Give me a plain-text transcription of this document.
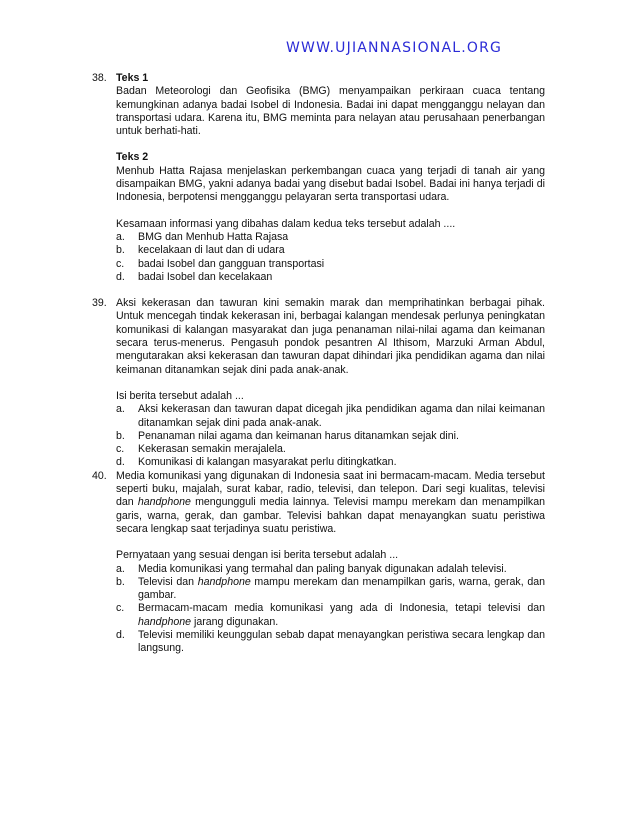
WWW.UJIANNASIONAL.ORG
38. Teks 1

Badan Meteorologi dan Geofisika (BMG) menyampaikan perkiraan cuaca tentang kemungkinan adanya badai Isobel di Indonesia. Badai ini dapat mengganggu nelayan dan transportasi udara. Karena itu, BMG meminta para nelayan atau perusahaan penerbangan untuk berhati-hati.

Teks 2

Menhub Hatta Rajasa menjelaskan perkembangan cuaca yang terjadi di tanah air yang disampaikan BMG, yakni adanya badai yang disebut badai Isobel. Badai ini hanya terjadi di Indonesia, berpotensi mengganggu pelayaran serta transportasi udara.

Kesamaan informasi yang dibahas dalam kedua teks tersebut adalah ....
a. BMG dan Menhub Hatta Rajasa
b. kecelakaan di laut dan di udara
c. badai Isobel dan gangguan transportasi
d. badai Isobel dan kecelakaan
39. Aksi kekerasan dan tawuran kini semakin marak dan memprihatinkan berbagai pihak. Untuk mencegah tindak kekerasan ini, berbagai kalangan mendesak perlunya peningkatan komunikasi di kalangan masyarakat dan juga penanaman nilai-nilai agama dan keimanan secara terus-menerus. Pengasuh pondok pesantren Al Ithisom, Marzuki Arman Abdul, mengutarakan aksi kekerasan dan tawuran dapat dihindari jika pendidikan agama dan nilai keimanan ditanamkan sejak dini pada anak-anak.

Isi berita tersebut adalah ...
a. Aksi kekerasan dan tawuran dapat dicegah jika pendidikan agama dan nilai keimanan ditanamkan sejak dini pada anak-anak.
b. Penanaman nilai agama dan keimanan harus ditanamkan sejak dini.
c. Kekerasan semakin merajalela.
d. Komunikasi di kalangan masyarakat perlu ditingkatkan.
40. Media komunikasi yang digunakan di Indonesia saat ini bermacam-macam. Media tersebut seperti buku, majalah, surat kabar, radio, televisi, dan telepon. Dari segi kualitas, televisi dan handphone mengungguli media lainnya. Televisi mampu merekam dan menampilkan garis, warna, gerak, dan gambar. Televisi bahkan dapat menayangkan suatu peristiwa secara lengkap saat terjadinya suatu peristiwa.

Pernyataan yang sesuai dengan isi berita tersebut adalah ...
a. Media komunikasi yang termahal dan paling banyak digunakan adalah televisi.
b. Televisi dan handphone mampu merekam dan menampilkan garis, warna, gerak, dan gambar.
c. Bermacam-macam media komunikasi yang ada di Indonesia, tetapi televisi dan handphone jarang digunakan.
d. Televisi memiliki keunggulan sebab dapat menayangkan peristiwa secara lengkap dan langsung.
